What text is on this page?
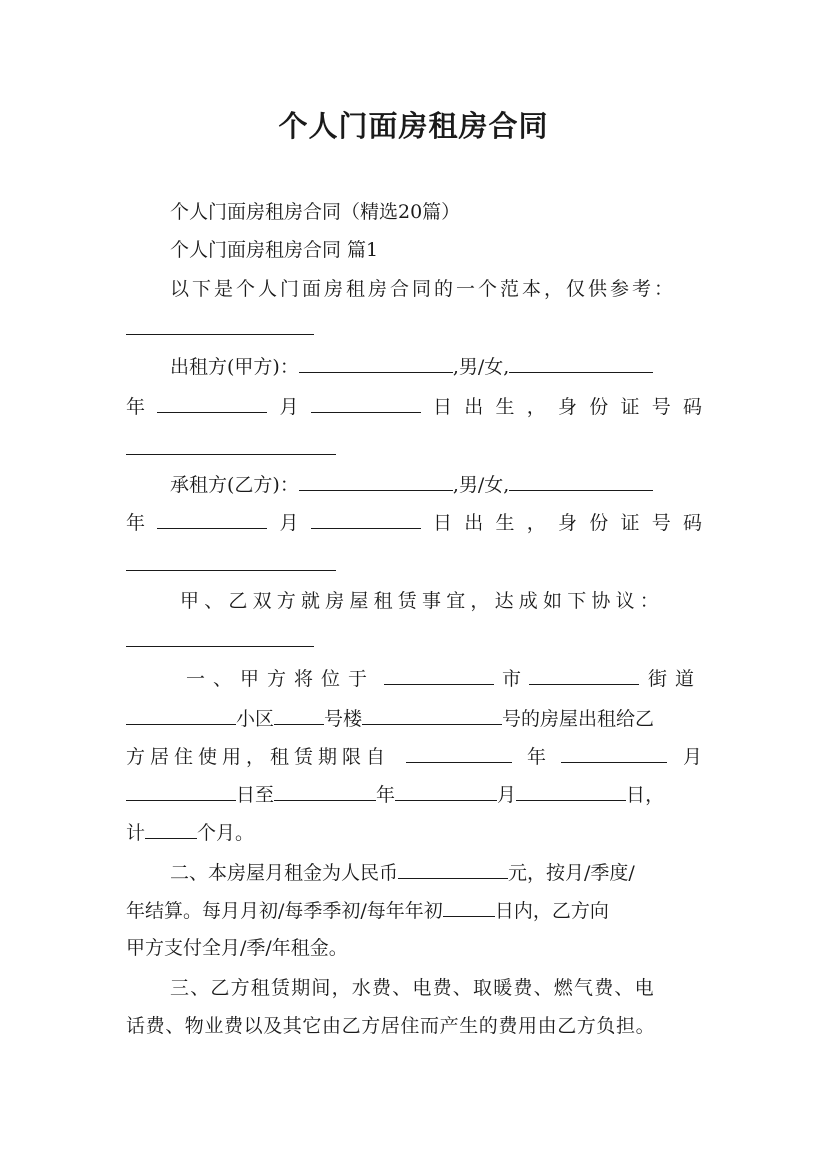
个人门面房租房合同
个人门面房租房合同（精选20篇）
个人门面房租房合同 篇1
以下是个人门面房租房合同的一个范本，仅供参考：
出租方(甲方)：	,男/女,
年	月	日 出 生 ， 身 份 证 号 码
承租方(乙方)：	,男/女,
年	月	日 出 生 ， 身 份 证 号 码
甲、乙双方就房屋租赁事宜，达成如下协议：
一、甲方将位于	市	街道
小区	号楼	号的房屋出租给乙
方居住使用，租赁期限自	年	月
日至	年	月	日，
计	个月。
二、本房屋月租金为人民币	元，按月/季度/
年结算。每月月初/每季季初/每年年初	日内，乙方向
甲方支付全月/季/年租金。
三、乙方租赁期间，水费、电费、取暖费、燃气费、电
话费、物业费以及其它由乙方居住而产生的费用由乙方负担。
